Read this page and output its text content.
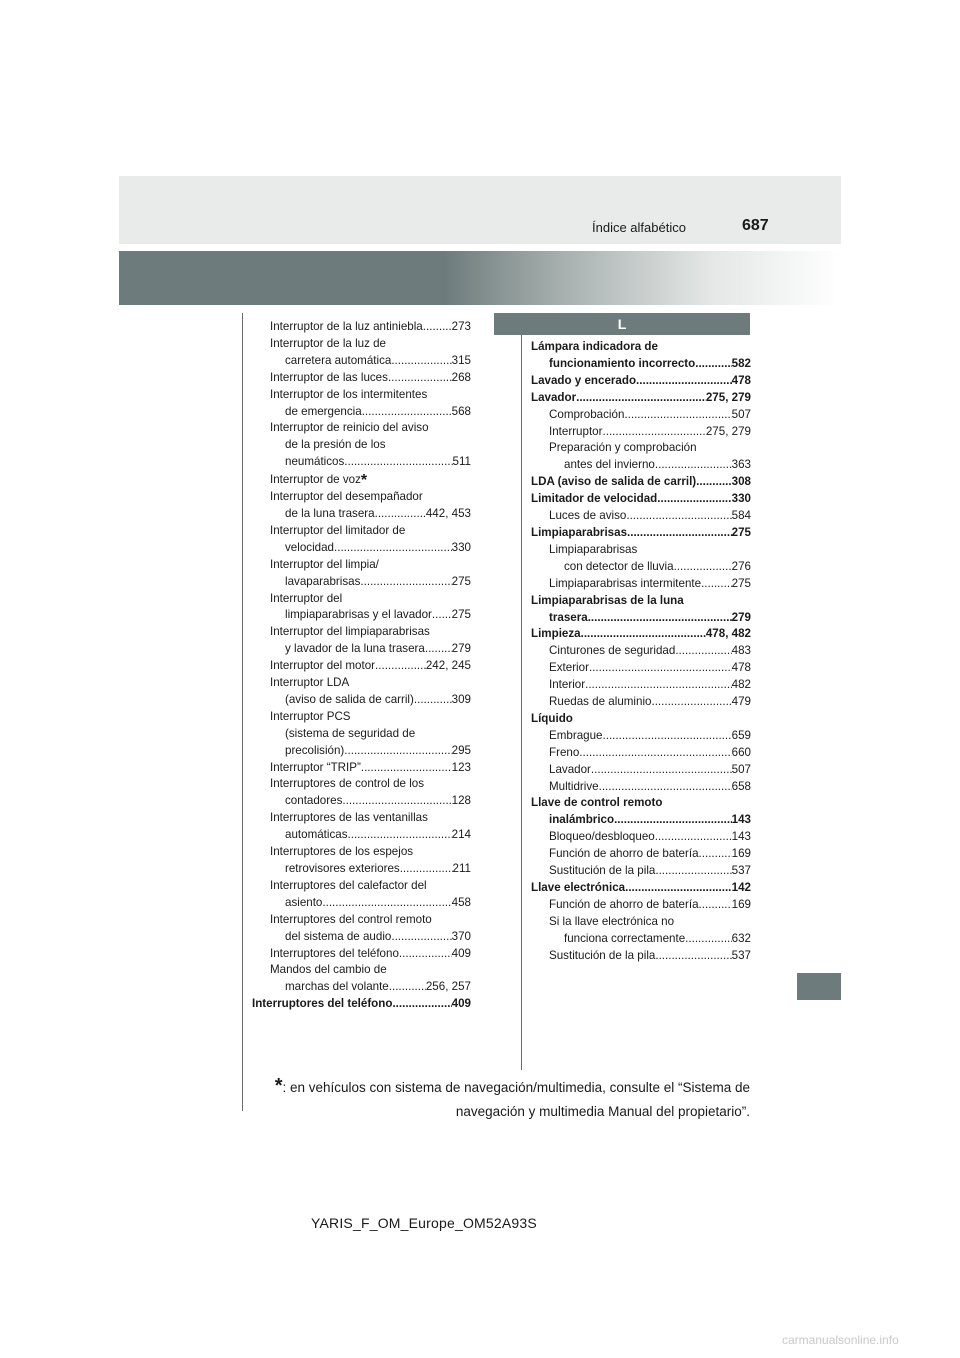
Índice alfabético	687
L
Interruptor de la luz antiniebla ..... 273
Interruptor de la luz de
carretera automática .....	315
Interruptor de las luces .....	268
Interruptor de los intermitentes
de emergencia .....	568
Interruptor de reinicio del aviso
de la presión de los
neumáticos .....	511
Interruptor de voz *
Interruptor del desempañador
de la luna trasera .....	442, 453
Interruptor del limitador de
velocidad .....	330
Interruptor del limpia/
lavaparabrisas .....	275
Interruptor del
limpiaparabrisas y el lavador ..... 275
Interruptor del limpiaparabrisas
y lavador de la luna trasera ..... 279
Interruptor del motor .....	242, 245
Interruptor LDA
(aviso de salida de carril) .....	309
Interruptor PCS
(sistema de seguridad de
precolisión) .....	295
Interruptor “TRIP” .....	123
Interruptores de control de los
contadores .....	128
Interruptores de las ventanillas
automáticas .....	214
Interruptores de los espejos
retrovisores exteriores .....	211
Interruptores del calefactor del
asiento .....	458
Interruptores del control remoto
del sistema de audio .....	370
Interruptores del teléfono .....	409
Mandos del cambio de
marchas del volante .....	256, 257
Interruptores del teléfono .....	409
Lámpara indicadora de
funcionamiento incorrecto .....	582
Lavado y encerado .....	478
Lavador .....	275, 279
Comprobación .....	507
Interruptor .....	275, 279
Preparación y comprobación
antes del invierno .....	363
LDA (aviso de salida de carril) .....	308
Limitador de velocidad .....	330
Luces de aviso .....	584
Limpiaparabrisas .....	275
Limpiaparabrisas
con detector de lluvia .....	276
Limpiaparabrisas intermitente .....	275
Limpiaparabrisas de la luna
trasera .....	279
Limpieza .....	478, 482
Cinturones de seguridad .....	483
Exterior .....	478
Interior .....	482
Ruedas de aluminio .....	479
Líquido
Embrague .....	659
Freno .....	660
Lavador .....	507
Multidrive .....	658
Llave de control remoto
inalámbrico .....	143
Bloqueo/desbloqueo .....	143
Función de ahorro de batería .....	169
Sustitución de la pila .....	537
Llave electrónica .....	142
Función de ahorro de batería .....	169
Si la llave electrónica no
funciona correctamente .....	632
Sustitución de la pila .....	537
*: en vehículos con sistema de navegación/multimedia, consulte el “Sistema de navegación y multimedia Manual del propietario”.
YARIS_F_OM_Europe_OM52A93S
carmanualsonline.info
